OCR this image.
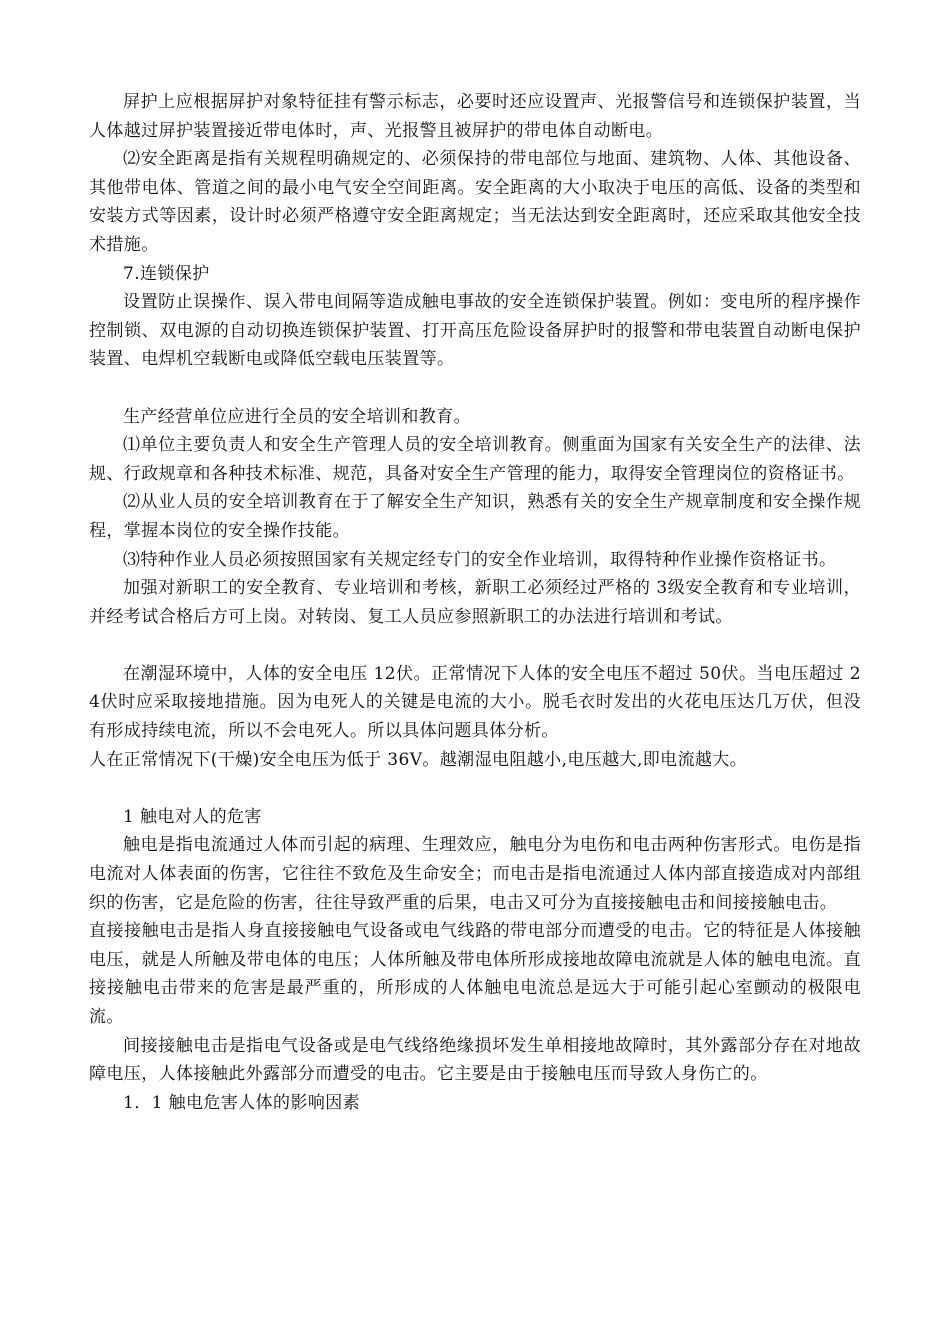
屏护上应根据屏护对象特征挂有警示标志，必要时还应设置声、光报警信号和连锁保护装置，当人体越过屏护装置接近带电体时，声、光报警且被屏护的带电体自动断电。

⑵安全距离是指有关规程明确规定的、必须保持的带电部位与地面、建筑物、人体、其他设备、其他带电体、管道之间的最小电气安全空间距离。安全距离的大小取决于电压的高低、设备的类型和安装方式等因素，设计时必须严格遵守安全距离规定；当无法达到安全距离时，还应采取其他安全技术措施。

7.连锁保护

设置防止误操作、误入带电间隔等造成触电事故的安全连锁保护装置。例如：变电所的程序操作控制锁、双电源的自动切换连锁保护装置、打开高压危险设备屏护时的报警和带电装置自动断电保护装置、电焊机空载断电或降低空载电压装置等。

生产经营单位应进行全员的安全培训和教育。

⑴单位主要负责人和安全生产管理人员的安全培训教育。侧重面为国家有关安全生产的法律、法规、行政规章和各种技术标准、规范，具备对安全生产管理的能力，取得安全管理岗位的资格证书。

⑵从业人员的安全培训教育在于了解安全生产知识，熟悉有关的安全生产规章制度和安全操作规程，掌握本岗位的安全操作技能。

⑶特种作业人员必须按照国家有关规定经专门的安全作业培训，取得特种作业操作资格证书。

加强对新职工的安全教育、专业培训和考核，新职工必须经过严格的 3级安全教育和专业培训，并经考试合格后方可上岗。对转岗、复工人员应参照新职工的办法进行培训和考试。

在潮湿环境中，人体的安全电压 12伏。正常情况下人体的安全电压不超过 50伏。当电压超过 24伏时应采取接地措施。因为电死人的关键是电流的大小。脱毛衣时发出的火花电压达几万伏，但没有形成持续电流，所以不会电死人。所以具体问题具体分析。

人在正常情况下(干燥)安全电压为低于 36V。越潮湿电阻越小,电压越大,即电流越大。

1 触电对人的危害

触电是指电流通过人体而引起的病理、生理效应，触电分为电伤和电击两种伤害形式。电伤是指电流对人体表面的伤害，它往往不致危及生命安全；而电击是指电流通过人体内部直接造成对内部组织的伤害，它是危险的伤害，往往导致严重的后果，电击又可分为直接接触电击和间接接触电击。

直接接触电击是指人身直接接触电气设备或电气线路的带电部分而遭受的电击。它的特征是人体接触电压，就是人所触及带电体的电压；人体所触及带电体所形成接地故障电流就是人体的触电电流。直接接触电击带来的危害是最严重的，所形成的人体触电电流总是远大于可能引起心室颤动的极限电流。

间接接触电击是指电气设备或是电气线络绝缘损坏发生单相接地故障时，其外露部分存在对地故障电压，人体接触此外露部分而遭受的电击。它主要是由于接触电压而导致人身伤亡的。

1．1 触电危害人体的影响因素
